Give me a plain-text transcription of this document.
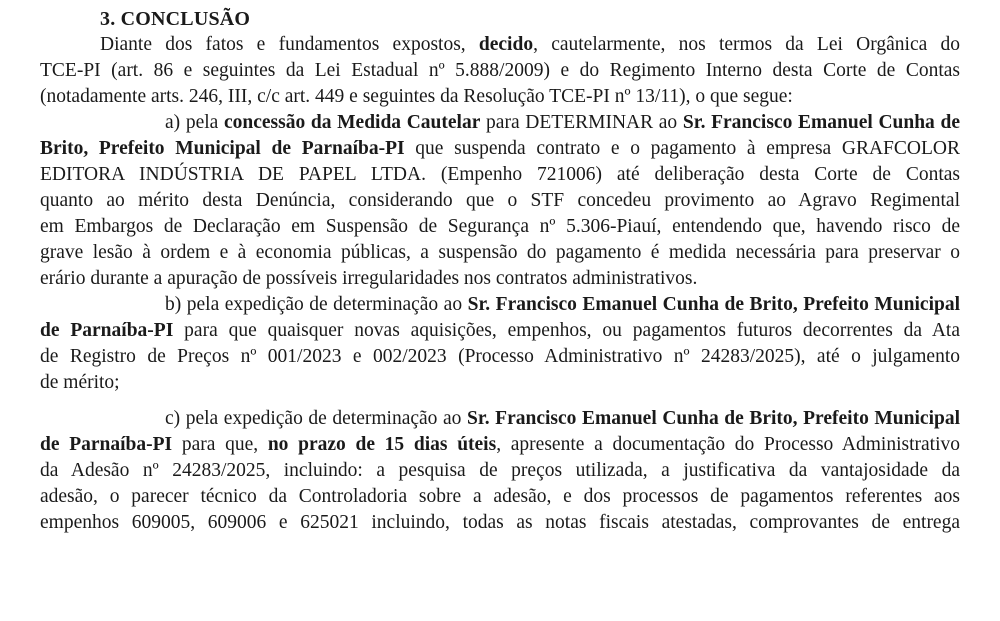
3. CONCLUSÃO
Diante dos fatos e fundamentos expostos, decido, cautelarmente, nos termos da Lei Orgânica do
TCE-PI (art. 86 e seguintes da Lei Estadual nº 5.888/2009) e do Regimento Interno desta Corte de Contas
(notadamente arts. 246, III, c/c art. 449 e seguintes da Resolução TCE-PI nº 13/11), o que segue:
a) pela concessão da Medida Cautelar para DETERMINAR ao Sr. Francisco Emanuel Cunha de
Brito, Prefeito Municipal de Parnaíba-PI que suspenda contrato e o pagamento à empresa GRAFCOLOR
EDITORA INDÚSTRIA DE PAPEL LTDA. (Empenho 721006) até deliberação desta Corte de Contas
quanto ao mérito desta Denúncia, considerando que o STF concedeu provimento ao Agravo Regimental
em Embargos de Declaração em Suspensão de Segurança nº 5.306-Piauí, entendendo que, havendo risco de
grave lesão à ordem e à economia públicas, a suspensão do pagamento é medida necessária para preservar o
erário durante a apuração de possíveis irregularidades nos contratos administrativos.
b) pela expedição de determinação ao Sr. Francisco Emanuel Cunha de Brito, Prefeito Municipal
de Parnaíba-PI para que quaisquer novas aquisições, empenhos, ou pagamentos futuros decorrentes da Ata
de Registro de Preços nº 001/2023 e 002/2023 (Processo Administrativo nº 24283/2025), até o julgamento
de mérito;
c) pela expedição de determinação ao Sr. Francisco Emanuel Cunha de Brito, Prefeito Municipal
de Parnaíba-PI para que, no prazo de 15 dias úteis, apresente a documentação do Processo Administrativo
da Adesão nº 24283/2025, incluindo: a pesquisa de preços utilizada, a justificativa da vantajosidade da
adesão, o parecer técnico da Controladoria sobre a adesão, e dos processos de pagamentos referentes aos
empenhos 609005, 609006 e 625021 incluindo, todas as notas fiscais atestadas, comprovantes de entrega
